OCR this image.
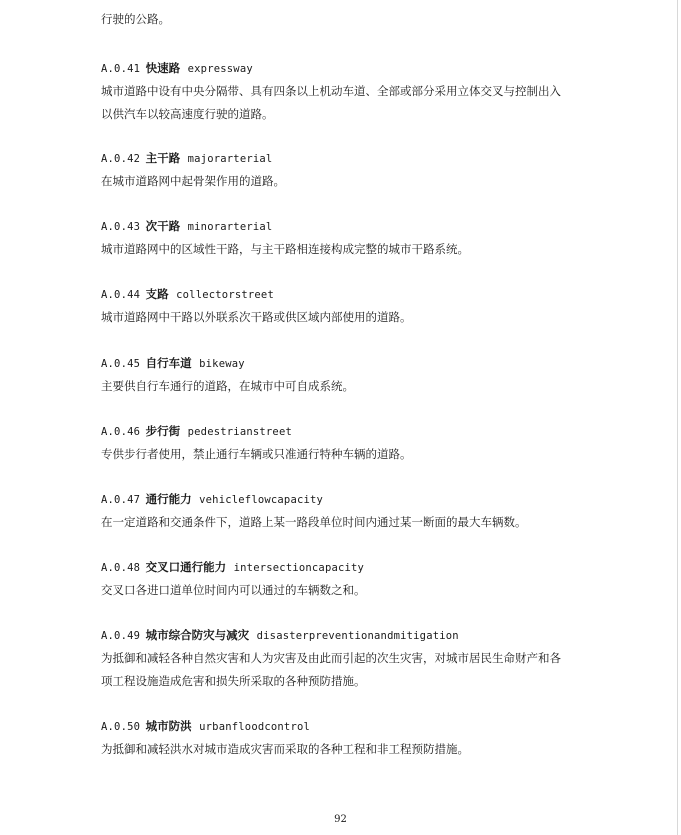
行驶的公路。

A.0.41 快速路 expressway

城市道路中设有中央分隔带、具有四条以上机动车道、全部或部分采用立体交叉与控制出入
以供汽车以较高速度行驶的道路。

A.0.42 主干路 majorarterial

在城市道路网中起骨架作用的道路。

A.0.43 次干路 minorarterial

城市道路网中的区域性干路，与主干路相连接构成完整的城市干路系统。

A.0.44 支路 collectorstreet

城市道路网中干路以外联系次干路或供区域内部使用的道路。

A.0.45 自行车道 bikeway

主要供自行车通行的道路，在城市中可自成系统。

A.0.46 步行街 pedestrianstreet

专供步行者使用，禁止通行车辆或只准通行特种车辆的道路。

A.0.47 通行能力 vehicleflowcapacity

在一定道路和交通条件下，道路上某一路段单位时间内通过某一断面的最大车辆数。

A.0.48 交叉口通行能力 intersectioncapacity

交叉口各进口道单位时间内可以通过的车辆数之和。

A.0.49 城市综合防灾与减灾 disasterpreventionandmitigation

为抵御和减轻各种自然灾害和人为灾害及由此而引起的次生灾害，对城市居民生命财产和各
项工程设施造成危害和损失所采取的各种预防措施。

A.0.50 城市防洪 urbanfloodcontrol

为抵御和减轻洪水对城市造成灾害而采取的各种工程和非工程预防措施。

92
